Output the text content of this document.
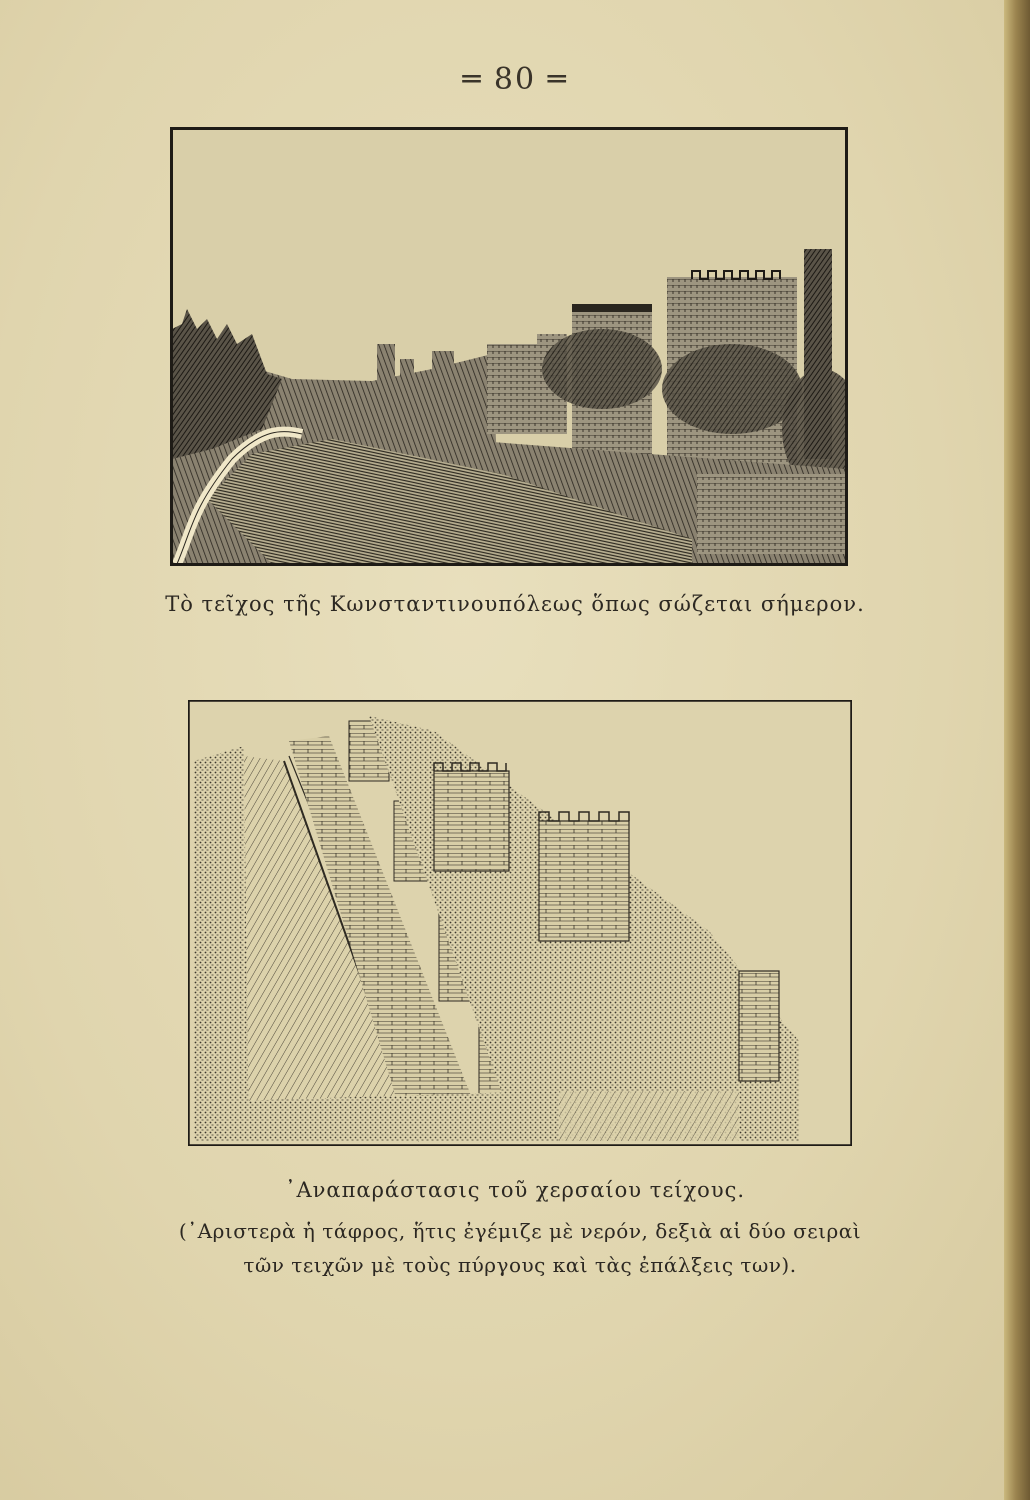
═ 80 ═
Τὸ τεῖχος τῆς Κωνσταντινουπόλεως ὅπως σώζεται σήμερον.
᾿Αναπαράστασις τοῦ χερσαίου τείχους.
(᾿Αριστερὰ ἡ τάφρος, ἥτις ἐγέμιζε μὲ νερόν, δεξιὰ αἱ δύο σειραὶ
τῶν τειχῶν μὲ τοὺς πύργους καὶ τὰς ἐπάλξεις των).
